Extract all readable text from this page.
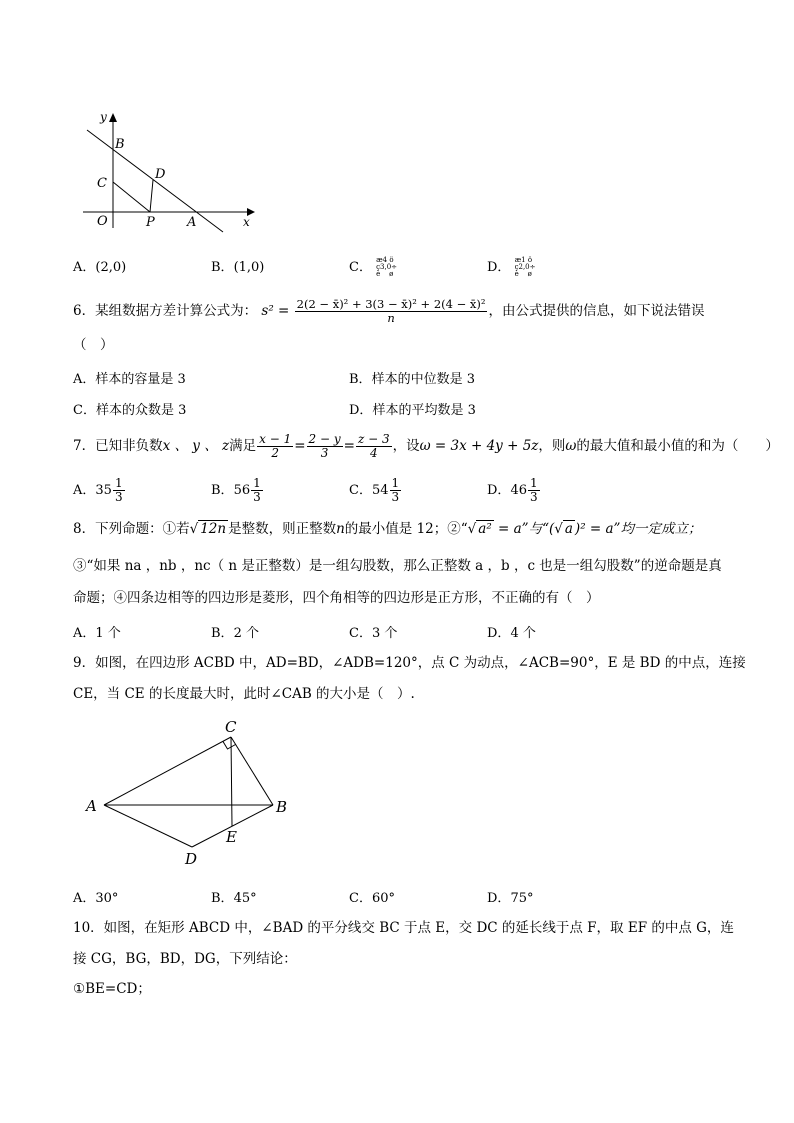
y
x
B
C
D
O	P A
A．(2,0)	B．(1,0)	C． æ4 ö
ç3,0÷
è    ø	D． æ1 ö
ç2,0÷
è    ø
6．某组数据方差计算公式为： $s^2 = \frac{\text{2(2 − x̄)² + 3(3 − x̄)² + 2(4 − x̄)²}}{n}$ ，由公式提供的信息，如下说法错误
（　）
A．样本的容量是 3	B．样本的中位数是 3
C．样本的众数是 3	D．样本的平均数是 3
7．已知非负数x 、 y 、 z满足 $\frac{x - 1}{2} = \frac{2 - y}{3} = \frac{z - 3}{4}$ ，设ω = 3x + 4y + 5z，则ω的最大值和最小值的和为（　　）
A．$35 \frac{1}{3}$	B．$56 \frac{1}{3}$	C．$54 \frac{1}{3}$	D．$46 \frac{1}{3}$
8．下列命题：①若√ 12n 是整数，则正整数n的最小值是 12；②“√ a² = a”与“(√ a )² = a”均一定成立；
③“如果 na ，nb ，nc（ n 是正整数）是一组勾股数，那么正整数 a ，b ，c 也是一组勾股数”的逆命题是真
命题；④四条边相等的四边形是菱形，四个角相等的四边形是正方形，不正确的有（　）
A．1 个	B．2 个	C．3 个	D．4 个
9．如图，在四边形 ACBD 中，AD=BD，∠ADB=120°，点 C 为动点，∠ACB=90°，E 是 BD 的中点，连接
CE，当 CE 的长度最大时，此时∠CAB 的大小是（　）.
C
A	B
E
D
A．30°	B．45°	C．60°	D．75°
10．如图，在矩形 ABCD 中，∠BAD 的平分线交 BC 于点 E，交 DC 的延长线于点 F，取 EF 的中点 G，连
接 CG，BG，BD，DG，下列结论：
①BE=CD；
